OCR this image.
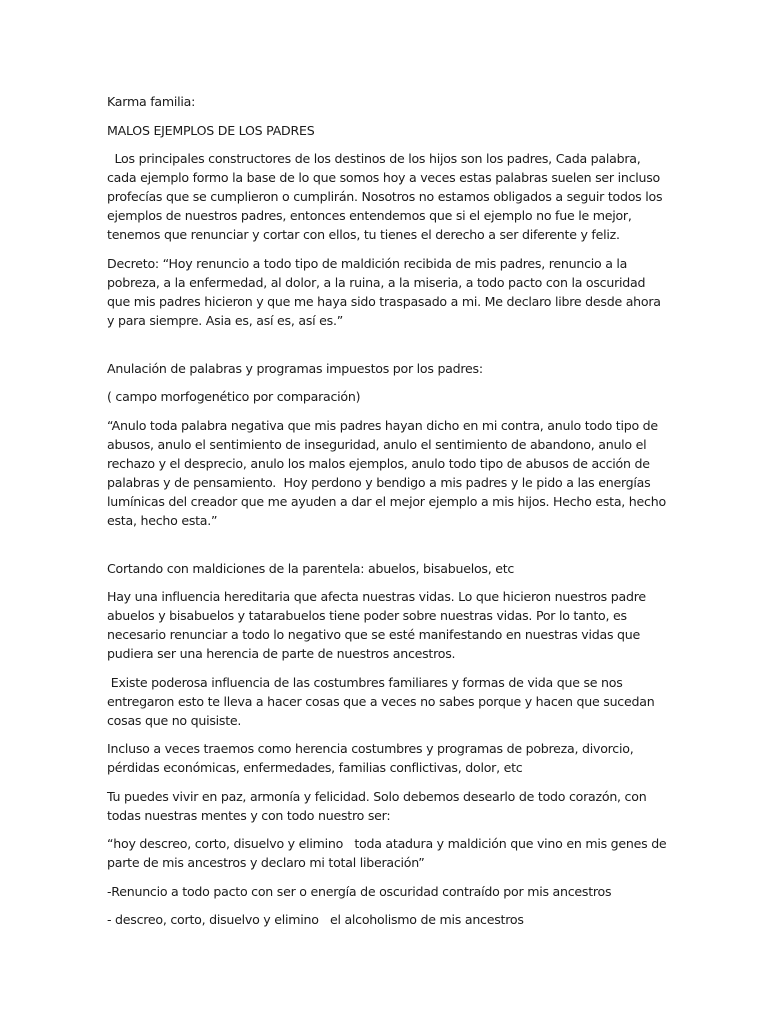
Karma familia:

MALOS EJEMPLOS DE LOS PADRES

Los principales constructores de los destinos de los hijos son los padres, Cada palabra, cada ejemplo formo la base de lo que somos hoy a veces estas palabras suelen ser incluso profecías que se cumplieron o cumplirán. Nosotros no estamos obligados a seguir todos los ejemplos de nuestros padres, entonces entendemos que si el ejemplo no fue le mejor, tenemos que renunciar y cortar con ellos, tu tienes el derecho a ser diferente y feliz.

Decreto: “Hoy renuncio a todo tipo de maldición recibida de mis padres, renuncio a la pobreza, a la enfermedad, al dolor, a la ruina, a la miseria, a todo pacto con la oscuridad que mis padres hicieron y que me haya sido traspasado a mi. Me declaro libre desde ahora y para siempre. Asia es, así es, así es.”

Anulación de palabras y programas impuestos por los padres:

( campo morfogenético por comparación)

“Anulo toda palabra negativa que mis padres hayan dicho en mi contra, anulo todo tipo de abusos, anulo el sentimiento de inseguridad, anulo el sentimiento de abandono, anulo el rechazo y el desprecio, anulo los malos ejemplos, anulo todo tipo de abusos de acción de palabras y de pensamiento.  Hoy perdono y bendigo a mis padres y le pido a las energías lumínicas del creador que me ayuden a dar el mejor ejemplo a mis hijos. Hecho esta, hecho esta, hecho esta.”

Cortando con maldiciones de la parentela: abuelos, bisabuelos, etc

Hay una influencia hereditaria que afecta nuestras vidas. Lo que hicieron nuestros padre abuelos y bisabuelos y tatarabuelos tiene poder sobre nuestras vidas. Por lo tanto, es necesario renunciar a todo lo negativo que se esté manifestando en nuestras vidas que pudiera ser una herencia de parte de nuestros ancestros.

Existe poderosa influencia de las costumbres familiares y formas de vida que se nos entregaron esto te lleva a hacer cosas que a veces no sabes porque y hacen que sucedan cosas que no quisiste.

Incluso a veces traemos como herencia costumbres y programas de pobreza, divorcio, pérdidas económicas, enfermedades, familias conflictivas, dolor, etc

Tu puedes vivir en paz, armonía y felicidad. Solo debemos desearlo de todo corazón, con todas nuestras mentes y con todo nuestro ser:

“hoy descreo, corto, disuelvo y elimino   toda atadura y maldición que vino en mis genes de parte de mis ancestros y declaro mi total liberación”

-Renuncio a todo pacto con ser o energía de oscuridad contraído por mis ancestros

- descreo, corto, disuelvo y elimino   el alcoholismo de mis ancestros
